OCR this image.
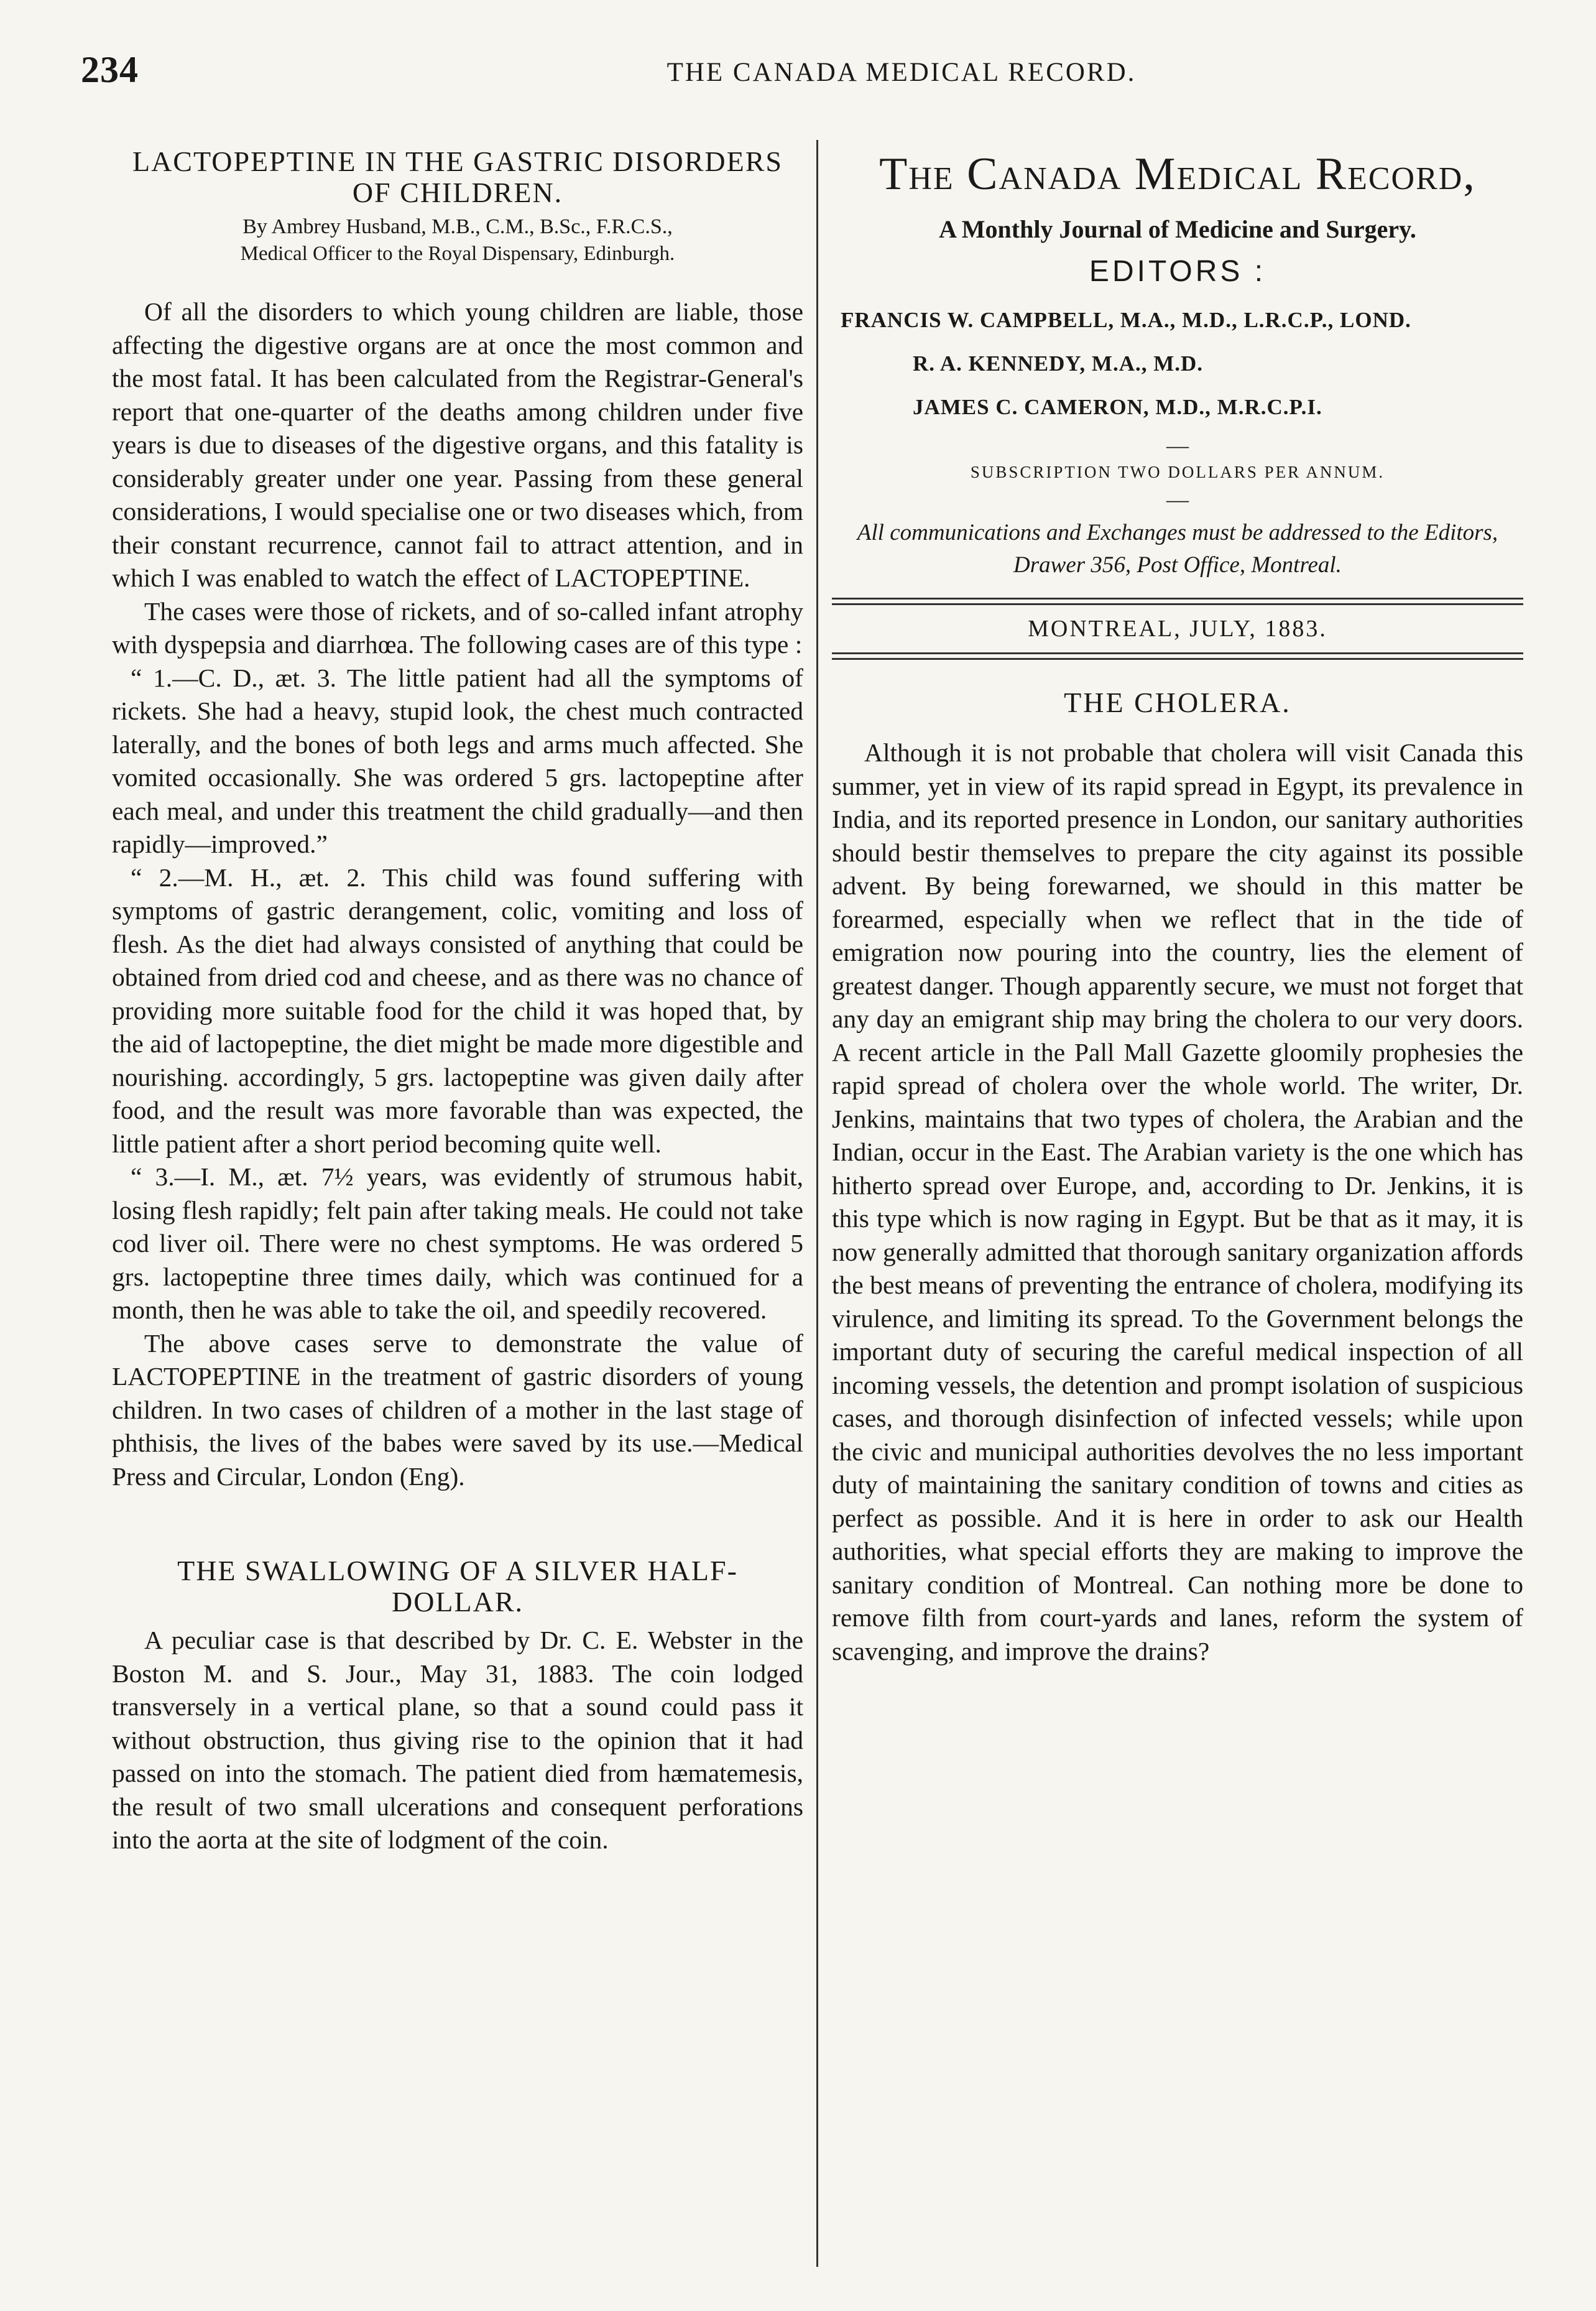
234	THE CANADA MEDICAL RECORD.
LACTOPEPTINE IN THE GASTRIC DISORDERS OF CHILDREN.
By Ambrey Husband, M.B., C.M., B.Sc., F.R.C.S.,
Medical Officer to the Royal Dispensary, Edinburgh.

Of all the disorders to which young children are liable, those affecting the digestive organs are at once the most common and the most fatal. It has been calculated from the Registrar-General's report that one-quarter of the deaths among children under five years is due to diseases of the digestive organs, and this fatality is considerably greater under one year. Passing from these general considerations, I would specialise one or two diseases which, from their constant recurrence, cannot fail to attract attention, and in which I was enabled to watch the effect of LACTOPEPTINE.

The cases were those of rickets, and of so-called infant atrophy with dyspepsia and diarrhœa. The following cases are of this type :

“ 1.—C. D., æt. 3. The little patient had all the symptoms of rickets. She had a heavy, stupid look, the chest much contracted laterally, and the bones of both legs and arms much affected. She vomited occasionally. She was ordered 5 grs. lactopeptine after each meal, and under this treatment the child gradually—and then rapidly—improved.”

“ 2.—M. H., æt. 2. This child was found suffering with symptoms of gastric derangement, colic, vomiting and loss of flesh. As the diet had always consisted of anything that could be obtained from dried cod and cheese, and as there was no chance of providing more suitable food for the child it was hoped that, by the aid of lactopeptine, the diet might be made more digestible and nourishing. accordingly, 5 grs. lactopeptine was given daily after food, and the result was more favorable than was expected, the little patient after a short period becoming quite well.

“ 3.—I. M., æt. 7½ years, was evidently of strumous habit, losing flesh rapidly; felt pain after taking meals. He could not take cod liver oil. There were no chest symptoms. He was ordered 5 grs. lactopeptine three times daily, which was continued for a month, then he was able to take the oil, and speedily recovered.

The above cases serve to demonstrate the value of LACTOPEPTINE in the treatment of gastric disorders of young children. In two cases of children of a mother in the last stage of phthisis, the lives of the babes were saved by its use.—Medical Press and Circular, London (Eng).

THE SWALLOWING OF A SILVER HALF-DOLLAR.

A peculiar case is that described by Dr. C. E. Webster in the Boston M. and S. Jour., May 31, 1883. The coin lodged transversely in a vertical plane, so that a sound could pass it without obstruction, thus giving rise to the opinion that it had passed on into the stomach. The patient died from hæmatemesis, the result of two small ulcerations and consequent perforations into the aorta at the site of lodgment of the coin.

The Canada Medical Record,
A Monthly Journal of Medicine and Surgery.
EDITORS :
FRANCIS W. CAMPBELL, M.A., M.D., L.R.C.P., LOND.
R. A. KENNEDY, M.A., M.D.
JAMES C. CAMERON, M.D., M.R.C.P.I.
—
SUBSCRIPTION TWO DOLLARS PER ANNUM.
—
All communications and Exchanges must be addressed to the Editors, Drawer 356, Post Office, Montreal.
MONTREAL, JULY, 1883.
THE CHOLERA.

Although it is not probable that cholera will visit Canada this summer, yet in view of its rapid spread in Egypt, its prevalence in India, and its reported presence in London, our sanitary authorities should bestir themselves to prepare the city against its possible advent. By being forewarned, we should in this matter be forearmed, especially when we reflect that in the tide of emigration now pouring into the country, lies the element of greatest danger. Though apparently secure, we must not forget that any day an emigrant ship may bring the cholera to our very doors. A recent article in the Pall Mall Gazette gloomily prophesies the rapid spread of cholera over the whole world. The writer, Dr. Jenkins, maintains that two types of cholera, the Arabian and the Indian, occur in the East. The Arabian variety is the one which has hitherto spread over Europe, and, according to Dr. Jenkins, it is this type which is now raging in Egypt. But be that as it may, it is now generally admitted that thorough sanitary organization affords the best means of preventing the entrance of cholera, modifying its virulence, and limiting its spread. To the Government belongs the important duty of securing the careful medical inspection of all incoming vessels, the detention and prompt isolation of suspicious cases, and thorough disinfection of infected vessels; while upon the civic and municipal authorities devolves the no less important duty of maintaining the sanitary condition of towns and cities as perfect as possible. And it is here in order to ask our Health authorities, what special efforts they are making to improve the sanitary condition of Montreal. Can nothing more be done to remove filth from court-yards and lanes, reform the system of scavenging, and improve the drains?
